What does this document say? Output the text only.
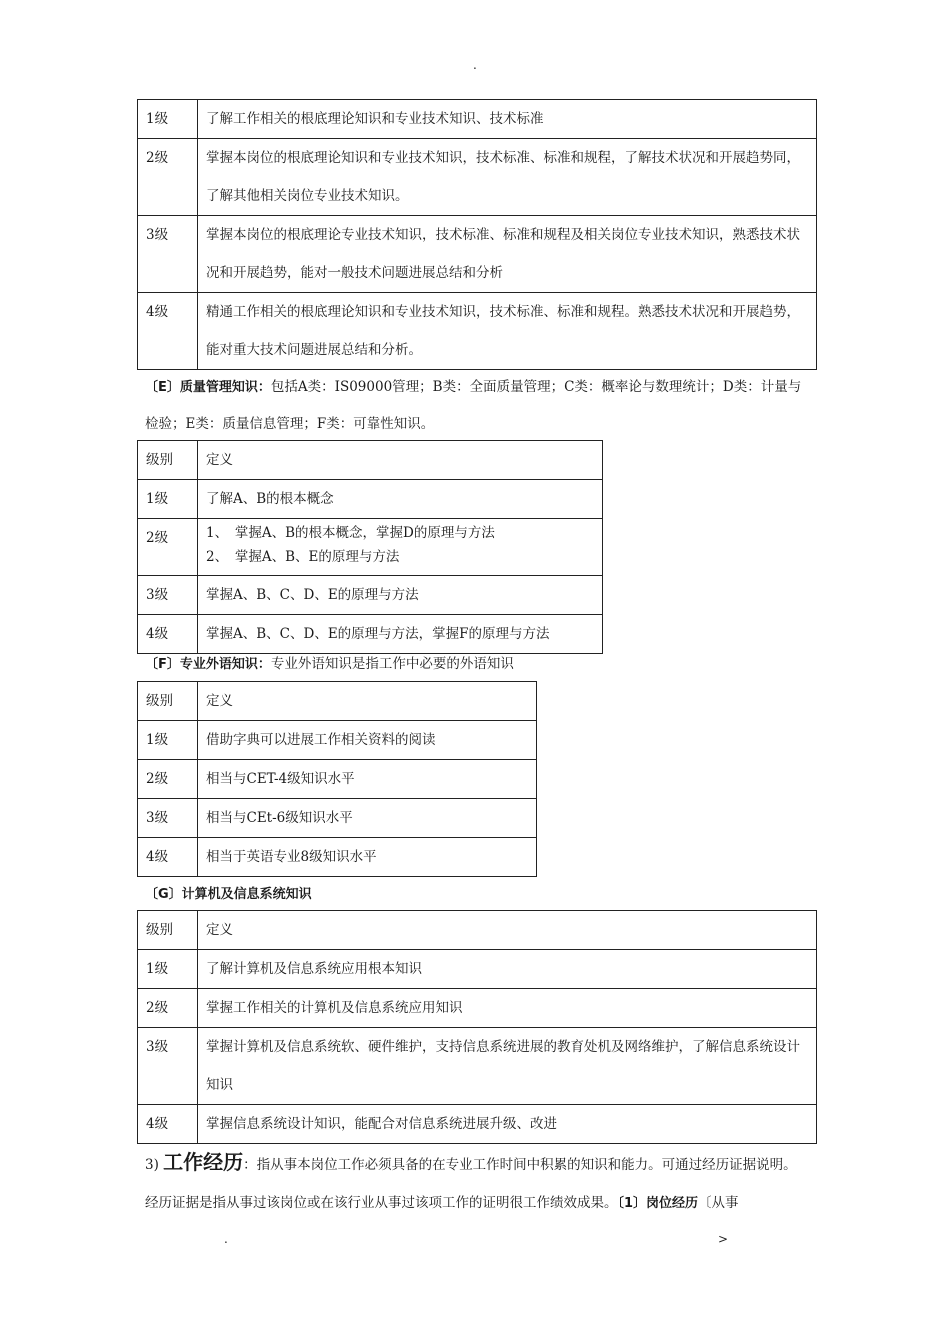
.
1级	了解工作相关的根底理论知识和专业技术知识、技术标准
2级	掌握本岗位的根底理论知识和专业技术知识，技术标准、标准和规程，了解技术状况和开展趋势同，了解其他相关岗位专业技术知识。
3级	掌握本岗位的根底理论专业技术知识，技术标准、标准和规程及相关岗位专业技术知识，熟悉技术状况和开展趋势，能对一般技术问题进展总结和分析
4级	精通工作相关的根底理论知识和专业技术知识，技术标准、标准和规程。熟悉技术状况和开展趋势，能对重大技术问题进展总结和分析。
〔E〕质量管理知识：包括A类：IS09000管理；B类：全面质量管理；C类：概率论与数理统计；D类：计量与检验；E类：质量信息管理；F类：可靠性知识。
级别	定义
1级	了解A、B的根本概念
2级	1、　掌握A、B的根本概念，掌握D的原理与方法
2、　掌握A、B、E的原理与方法

3级	掌握A、B、C、D、E的原理与方法
4级	掌握A、B、C、D、E的原理与方法，掌握F的原理与方法
〔F〕专业外语知识：专业外语知识是指工作中必要的外语知识
级别	定义
1级	借助字典可以进展工作相关资料的阅读
2级	相当与CET-4级知识水平
3级	相当与CEt-6级知识水平
4级	相当于英语专业8级知识水平
〔G〕计算机及信息系统知识
级别	定义
1级	了解计算机及信息系统应用根本知识
2级	掌握工作相关的计算机及信息系统应用知识
3级	掌握计算机及信息系统软、硬件维护，支持信息系统进展的教育处机及网络维护，了解信息系统设计知识
4级	掌握信息系统设计知识，能配合对信息系统进展升级、改进
3) 工作经历：指从事本岗位工作必须具备的在专业工作时间中积累的知识和能力。可通过经历证据说明。经历证据是指从事过该岗位或在该行业从事过该项工作的证明很工作绩效成果。〔1〕岗位经历〔从事
.	>
